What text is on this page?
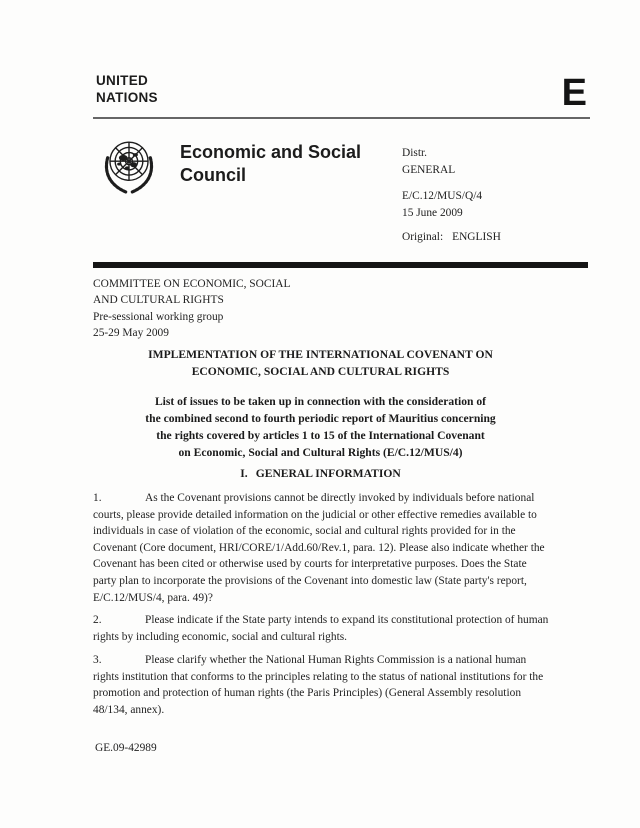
UNITED
NATIONS	E
Economic and Social
Council
Distr.
GENERAL
E/C.12/MUS/Q/4
15 June 2009
Original: ENGLISH
COMMITTEE ON ECONOMIC, SOCIAL
AND CULTURAL RIGHTS
Pre-sessional working group
25-29 May 2009
IMPLEMENTATION OF THE INTERNATIONAL COVENANT ON
ECONOMIC, SOCIAL AND CULTURAL RIGHTS
List of issues to be taken up in connection with the consideration of
the combined second to fourth periodic report of Mauritius concerning
the rights covered by articles 1 to 15 of the International Covenant
on Economic, Social and Cultural Rights (E/C.12/MUS/4)
I. GENERAL INFORMATION

1.	As the Covenant provisions cannot be directly invoked by individuals before national courts, please provide detailed information on the judicial or other effective remedies available to individuals in case of violation of the economic, social and cultural rights provided for in the Covenant (Core document, HRI/CORE/1/Add.60/Rev.1, para. 12). Please also indicate whether the Covenant has been cited or otherwise used by courts for interpretative purposes. Does the State party plan to incorporate the provisions of the Covenant into domestic law (State party's report, E/C.12/MUS/4, para. 49)?

2.	Please indicate if the State party intends to expand its constitutional protection of human rights by including economic, social and cultural rights.

3.	Please clarify whether the National Human Rights Commission is a national human rights institution that conforms to the principles relating to the status of national institutions for the promotion and protection of human rights (the Paris Principles) (General Assembly resolution 48/134, annex).

GE.09-42989
